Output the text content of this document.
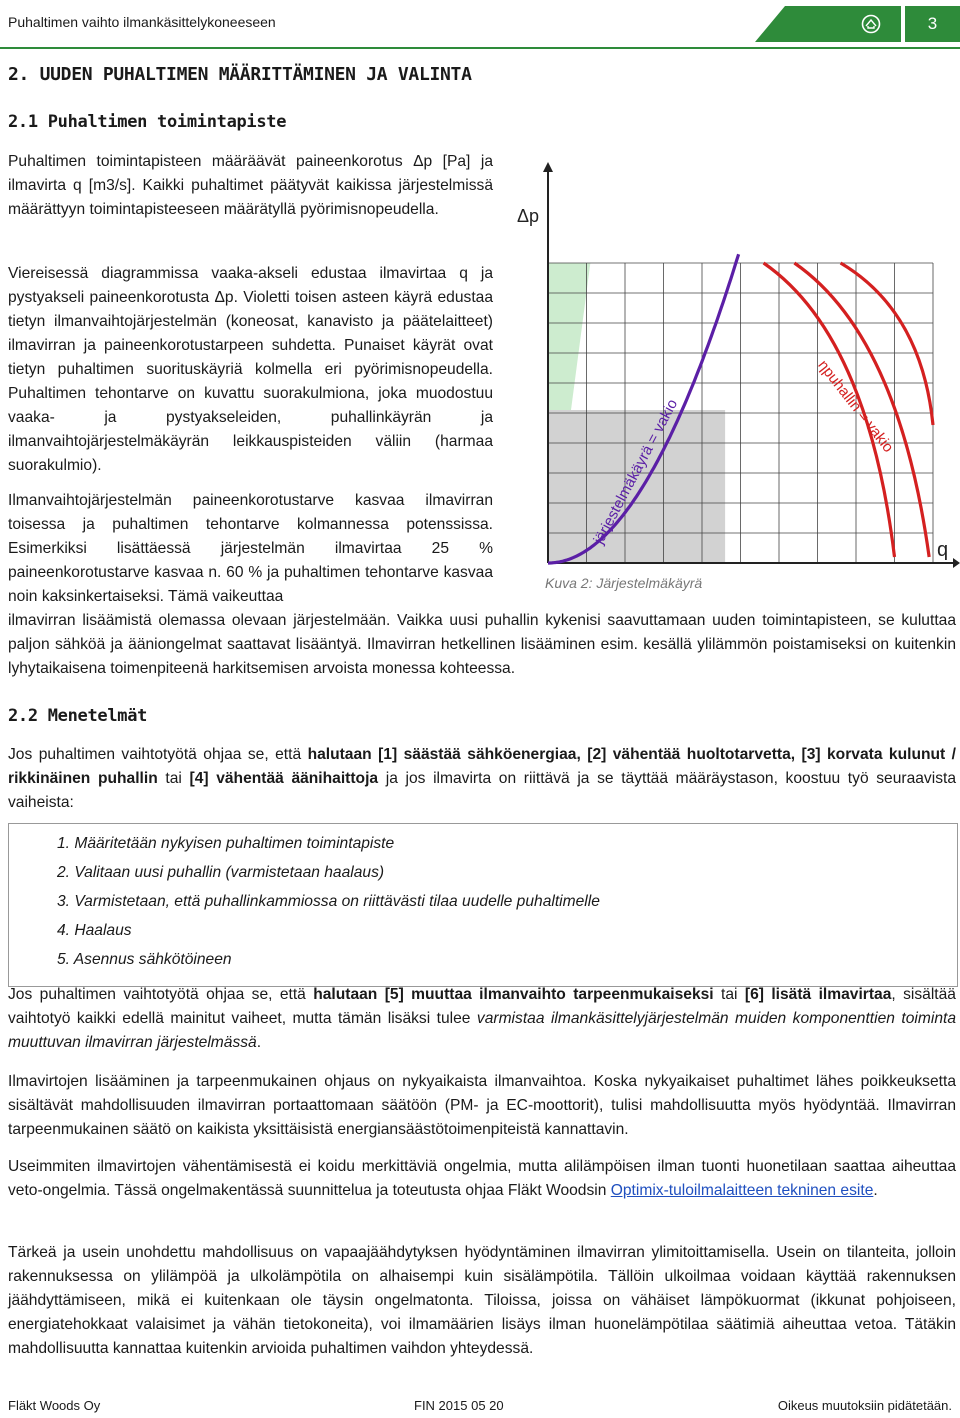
Puhaltimen vaihto ilmankäsittelykoneeseen	3
2. UUDEN PUHALTIMEN MÄÄRITTÄMINEN JA VALINTA
2.1 Puhaltimen toimintapiste
Puhaltimen toimintapisteen määräävät paineenkorotus Δp [Pa] ja ilmavirta q [m3/s]. Kaikki puhaltimet päätyvät kaikissa järjestelmissä määrättyyn toimintapisteeseen määrätyllä pyörimisnopeudella.
Viereisessä diagrammissa vaaka-akseli edustaa ilmavirtaa q ja pystyakseli paineenkorotusta Δp. Violetti toisen asteen käyrä edustaa tietyn ilmanvaihtojärjestelmän (koneosat, kanavisto ja päätelaitteet) ilmavirran ja paineenkorotustarpeen suhdetta. Punaiset käyrät ovat tietyn puhaltimen suorituskäyriä kolmella eri pyörimisnopeudella. Puhaltimen tehontarve on kuvattu suorakulmiona, joka muodostuu vaaka- ja pystyakseleiden, puhallinkäyrän ja ilmanvaihtojärjestelmäkäyrän leikkauspisteiden väliin (harmaa suorakulmio).
Ilmanvaihtojärjestelmän paineenkorotustarve kasvaa ilmavirran toisessa ja puhaltimen tehontarve kolmannessa potenssissa. Esimerkiksi lisättäessä järjestelmän ilmavirtaa 25 % paineenkorotustarve kasvaa n. 60 % ja puhaltimen tehontarve kasvaa noin kaksinkertaiseksi. Tämä vaikeuttaa
ilmavirran lisäämistä olemassa olevaan järjestelmään. Vaikka uusi puhallin kykenisi saavuttamaan uuden toimintapisteen, se kuluttaa paljon sähköä ja ääniongelmat saattavat lisääntyä. Ilmavirran hetkellinen lisääminen esim. kesällä ylilämmön poistamiseksi on kuitenkin lyhytaikaisena toimenpiteenä harkitsemisen arvoista monessa kohteessa.
Δp
q
järjestelmäkäyrä = vakio	ηpuhallin = vakio
Kuva 2: Järjestelmäkäyrä
2.2 Menetelmät
Jos puhaltimen vaihtotyötä ohjaa se, että halutaan [1] säästää sähköenergiaa, [2] vähentää huoltotarvetta, [3] korvata kulunut / rikkinäinen puhallin tai [4] vähentää äänihaittoja ja jos ilmavirta on riittävä ja se täyttää määräystason, koostuu työ seuraavista vaiheista:
1. Määritetään nykyisen puhaltimen toimintapiste
2. Valitaan uusi puhallin (varmistetaan haalaus)
3. Varmistetaan, että puhallinkammiossa on riittävästi tilaa uudelle puhaltimelle
4. Haalaus
5. Asennus sähkötöineen
Jos puhaltimen vaihtotyötä ohjaa se, että halutaan [5] muuttaa ilmanvaihto tarpeenmukaiseksi tai [6] lisätä ilmavirtaa, sisältää vaihtotyö kaikki edellä mainitut vaiheet, mutta tämän lisäksi tulee varmistaa ilmankäsittelyjärjestelmän muiden komponenttien toiminta muuttuvan ilmavirran järjestelmässä.
Ilmavirtojen lisääminen ja tarpeenmukainen ohjaus on nykyaikaista ilmanvaihtoa. Koska nykyaikaiset puhaltimet lähes poikkeuksetta sisältävät mahdollisuuden ilmavirran portaattomaan säätöön (PM- ja EC-moottorit), tulisi mahdollisuutta myös hyödyntää. Ilmavirran tarpeenmukainen säätö on kaikista yksittäisistä energiansäästötoimenpiteistä kannattavin.
Useimmiten ilmavirtojen vähentämisestä ei koidu merkittäviä ongelmia, mutta alilämpöisen ilman tuonti huonetilaan saattaa aiheuttaa veto-ongelmia. Tässä ongelmakentässä suunnittelua ja toteutusta ohjaa Fläkt Woodsin Optimix-tuloilmalaitteen tekninen esite.
Tärkeä ja usein unohdettu mahdollisuus on vapaajäähdytyksen hyödyntäminen ilmavirran ylimitoittamisella. Usein on tilanteita, jolloin rakennuksessa on ylilämpöä ja ulkolämpötila on alhaisempi kuin sisälämpötila. Tällöin ulkoilmaa voidaan käyttää rakennuksen jäähdyttämiseen, mikä ei kuitenkaan ole täysin ongelmatonta. Tiloissa, joissa on vähäiset lämpökuormat (ikkunat pohjoiseen, energiatehokkaat valaisimet ja vähän tietokoneita), voi ilmamäärien lisäys ilman huonelämpötilaa säätimiä aiheuttaa vetoa. Tätäkin mahdollisuutta kannattaa kuitenkin arvioida puhaltimen vaihdon yhteydessä.
Fläkt Woods Oy	FIN 2015 05 20	Oikeus muutoksiin pidätetään.
